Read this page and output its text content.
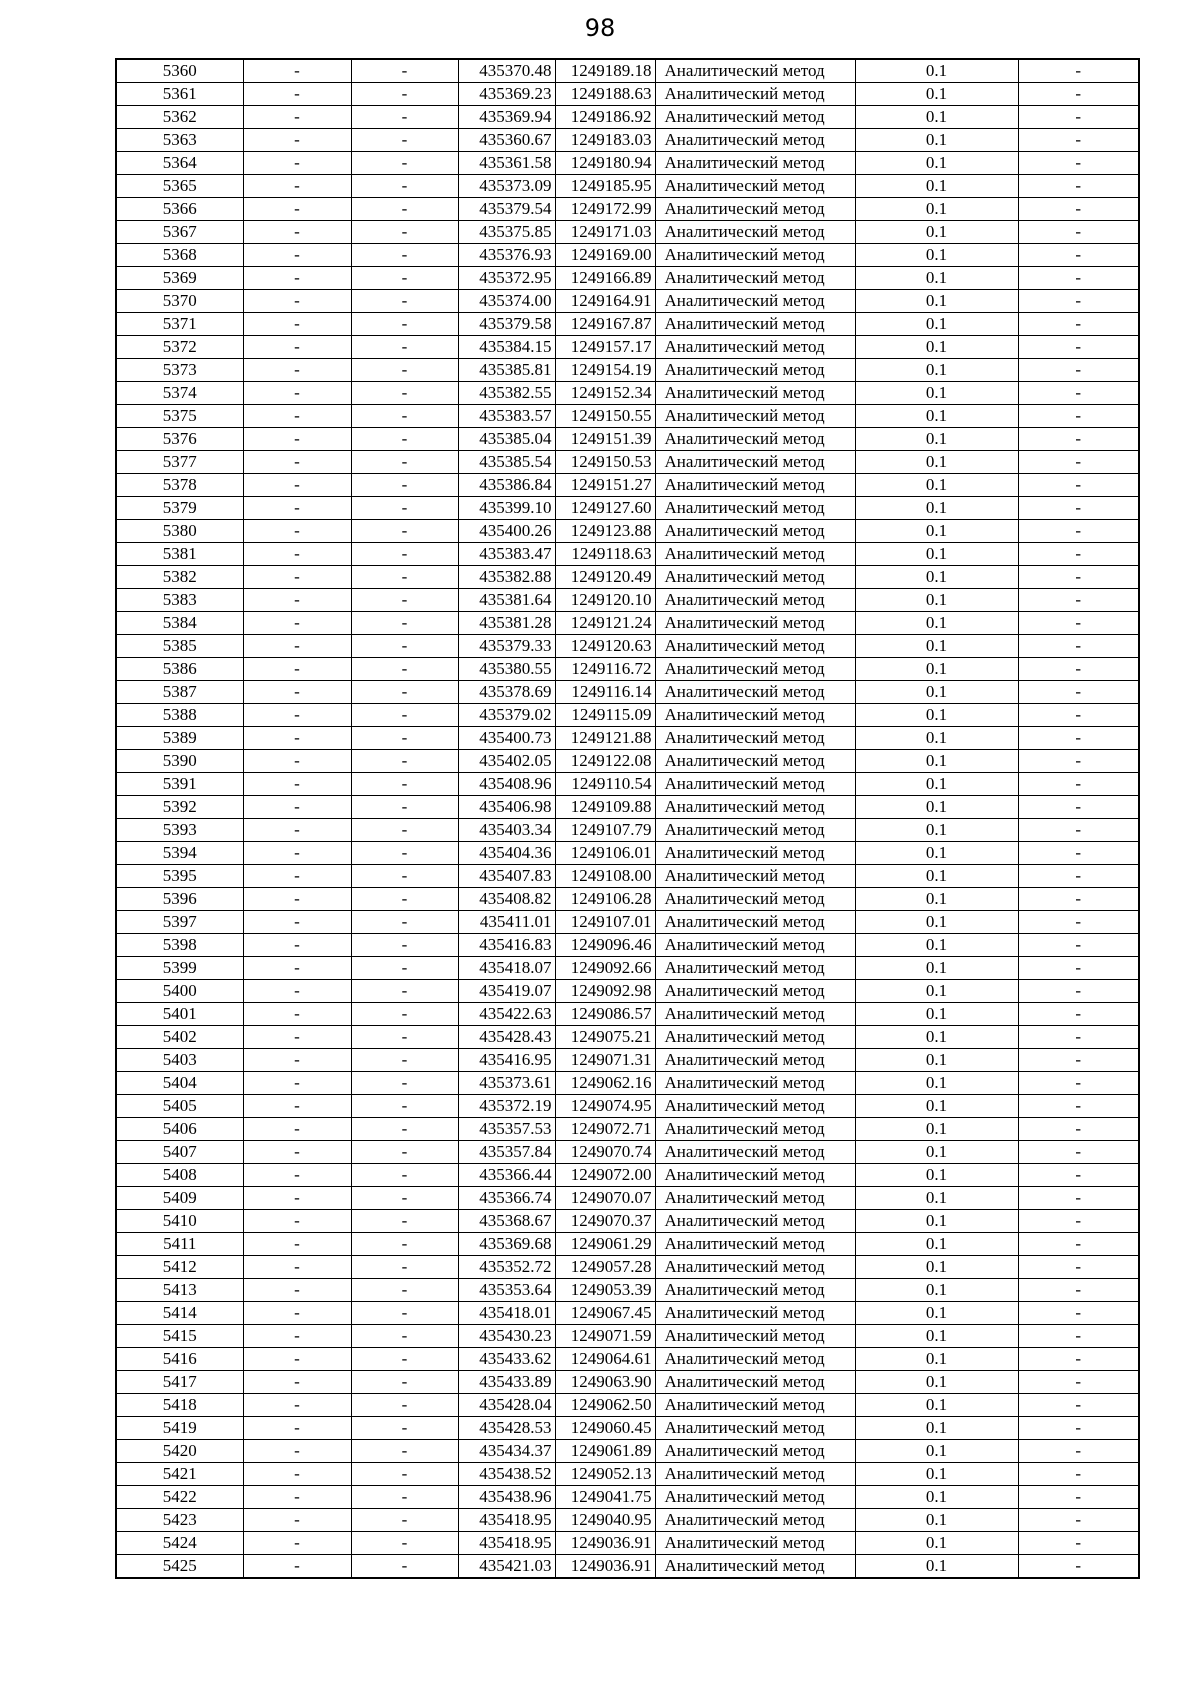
98
5360	-	-	435370.48	1249189.18	Аналитический метод	0.1	-
5361	-	-	435369.23	1249188.63	Аналитический метод	0.1	-
5362	-	-	435369.94	1249186.92	Аналитический метод	0.1	-
5363	-	-	435360.67	1249183.03	Аналитический метод	0.1	-
5364	-	-	435361.58	1249180.94	Аналитический метод	0.1	-
5365	-	-	435373.09	1249185.95	Аналитический метод	0.1	-
5366	-	-	435379.54	1249172.99	Аналитический метод	0.1	-
5367	-	-	435375.85	1249171.03	Аналитический метод	0.1	-
5368	-	-	435376.93	1249169.00	Аналитический метод	0.1	-
5369	-	-	435372.95	1249166.89	Аналитический метод	0.1	-
5370	-	-	435374.00	1249164.91	Аналитический метод	0.1	-
5371	-	-	435379.58	1249167.87	Аналитический метод	0.1	-
5372	-	-	435384.15	1249157.17	Аналитический метод	0.1	-
5373	-	-	435385.81	1249154.19	Аналитический метод	0.1	-
5374	-	-	435382.55	1249152.34	Аналитический метод	0.1	-
5375	-	-	435383.57	1249150.55	Аналитический метод	0.1	-
5376	-	-	435385.04	1249151.39	Аналитический метод	0.1	-
5377	-	-	435385.54	1249150.53	Аналитический метод	0.1	-
5378	-	-	435386.84	1249151.27	Аналитический метод	0.1	-
5379	-	-	435399.10	1249127.60	Аналитический метод	0.1	-
5380	-	-	435400.26	1249123.88	Аналитический метод	0.1	-
5381	-	-	435383.47	1249118.63	Аналитический метод	0.1	-
5382	-	-	435382.88	1249120.49	Аналитический метод	0.1	-
5383	-	-	435381.64	1249120.10	Аналитический метод	0.1	-
5384	-	-	435381.28	1249121.24	Аналитический метод	0.1	-
5385	-	-	435379.33	1249120.63	Аналитический метод	0.1	-
5386	-	-	435380.55	1249116.72	Аналитический метод	0.1	-
5387	-	-	435378.69	1249116.14	Аналитический метод	0.1	-
5388	-	-	435379.02	1249115.09	Аналитический метод	0.1	-
5389	-	-	435400.73	1249121.88	Аналитический метод	0.1	-
5390	-	-	435402.05	1249122.08	Аналитический метод	0.1	-
5391	-	-	435408.96	1249110.54	Аналитический метод	0.1	-
5392	-	-	435406.98	1249109.88	Аналитический метод	0.1	-
5393	-	-	435403.34	1249107.79	Аналитический метод	0.1	-
5394	-	-	435404.36	1249106.01	Аналитический метод	0.1	-
5395	-	-	435407.83	1249108.00	Аналитический метод	0.1	-
5396	-	-	435408.82	1249106.28	Аналитический метод	0.1	-
5397	-	-	435411.01	1249107.01	Аналитический метод	0.1	-
5398	-	-	435416.83	1249096.46	Аналитический метод	0.1	-
5399	-	-	435418.07	1249092.66	Аналитический метод	0.1	-
5400	-	-	435419.07	1249092.98	Аналитический метод	0.1	-
5401	-	-	435422.63	1249086.57	Аналитический метод	0.1	-
5402	-	-	435428.43	1249075.21	Аналитический метод	0.1	-
5403	-	-	435416.95	1249071.31	Аналитический метод	0.1	-
5404	-	-	435373.61	1249062.16	Аналитический метод	0.1	-
5405	-	-	435372.19	1249074.95	Аналитический метод	0.1	-
5406	-	-	435357.53	1249072.71	Аналитический метод	0.1	-
5407	-	-	435357.84	1249070.74	Аналитический метод	0.1	-
5408	-	-	435366.44	1249072.00	Аналитический метод	0.1	-
5409	-	-	435366.74	1249070.07	Аналитический метод	0.1	-
5410	-	-	435368.67	1249070.37	Аналитический метод	0.1	-
5411	-	-	435369.68	1249061.29	Аналитический метод	0.1	-
5412	-	-	435352.72	1249057.28	Аналитический метод	0.1	-
5413	-	-	435353.64	1249053.39	Аналитический метод	0.1	-
5414	-	-	435418.01	1249067.45	Аналитический метод	0.1	-
5415	-	-	435430.23	1249071.59	Аналитический метод	0.1	-
5416	-	-	435433.62	1249064.61	Аналитический метод	0.1	-
5417	-	-	435433.89	1249063.90	Аналитический метод	0.1	-
5418	-	-	435428.04	1249062.50	Аналитический метод	0.1	-
5419	-	-	435428.53	1249060.45	Аналитический метод	0.1	-
5420	-	-	435434.37	1249061.89	Аналитический метод	0.1	-
5421	-	-	435438.52	1249052.13	Аналитический метод	0.1	-
5422	-	-	435438.96	1249041.75	Аналитический метод	0.1	-
5423	-	-	435418.95	1249040.95	Аналитический метод	0.1	-
5424	-	-	435418.95	1249036.91	Аналитический метод	0.1	-
5425	-	-	435421.03	1249036.91	Аналитический метод	0.1	-
